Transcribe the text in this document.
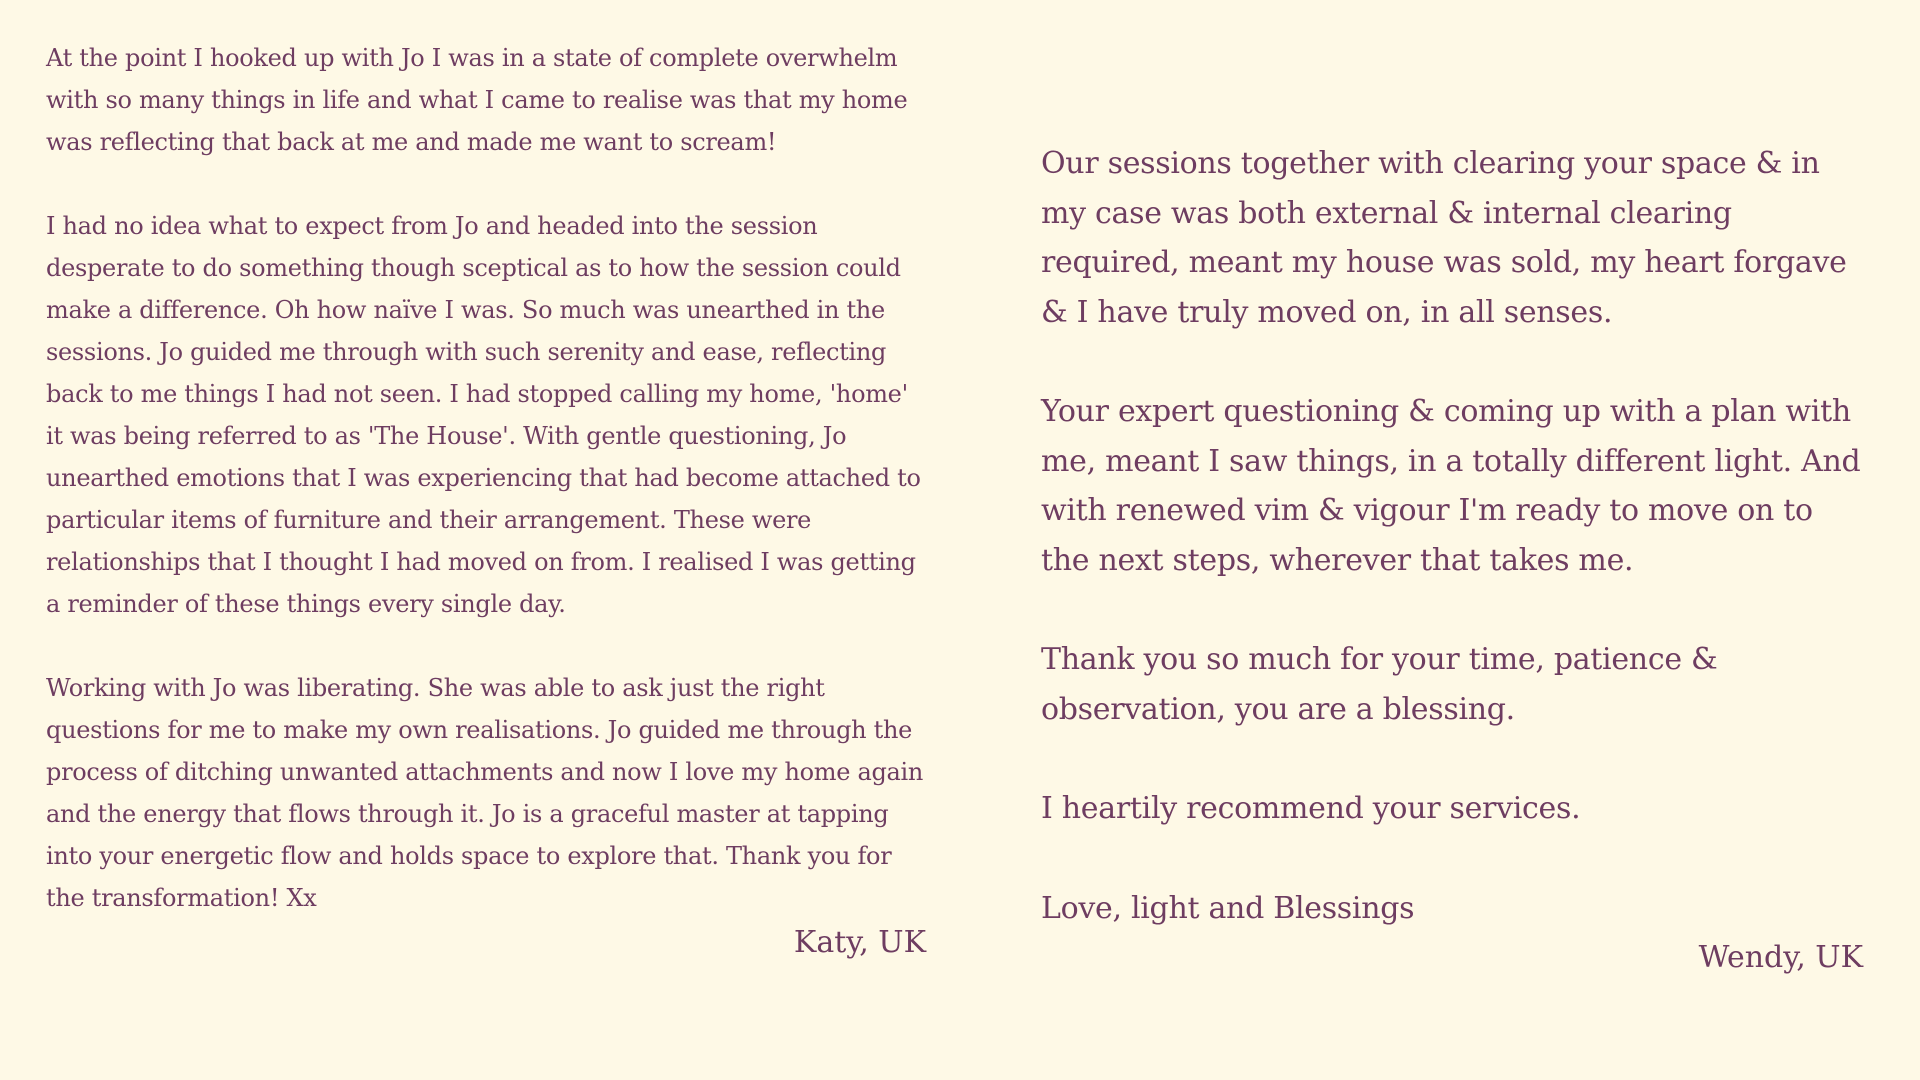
At the point I hooked up with Jo I was in a state of complete overwhelm with so many things in life and what I came to realise was that my home was reflecting that back at me and made me want to scream!

I had no idea what to expect from Jo and headed into the session desperate to do something though sceptical as to how the session could make a difference. Oh how naïve I was. So much was unearthed in the sessions. Jo guided me through with such serenity and ease, reflecting back to me things I had not seen. I had stopped calling my home, 'home' it was being referred to as 'The House'. With gentle questioning, Jo unearthed emotions that I was experiencing that had become attached to particular items of furniture and their arrangement. These were relationships that I thought I had moved on from. I realised I was getting a reminder of these things every single day.

Working with Jo was liberating. She was able to ask just the right questions for me to make my own realisations. Jo guided me through the process of ditching unwanted attachments and now I love my home again and the energy that flows through it. Jo is a graceful master at tapping into your energetic flow and holds space to explore that. Thank you for the transformation! Xx

Katy, UK

Our sessions together with clearing your space & in my case was both external & internal clearing required, meant my house was sold, my heart forgave & I have truly moved on, in all senses.

Your expert questioning & coming up with a plan with me, meant I saw things, in a totally different light. And with renewed vim & vigour I'm ready to move on to the next steps, wherever that takes me.

Thank you so much for your time, patience & observation, you are a blessing.

I heartily recommend your services.

Love, light and Blessings

Wendy, UK
